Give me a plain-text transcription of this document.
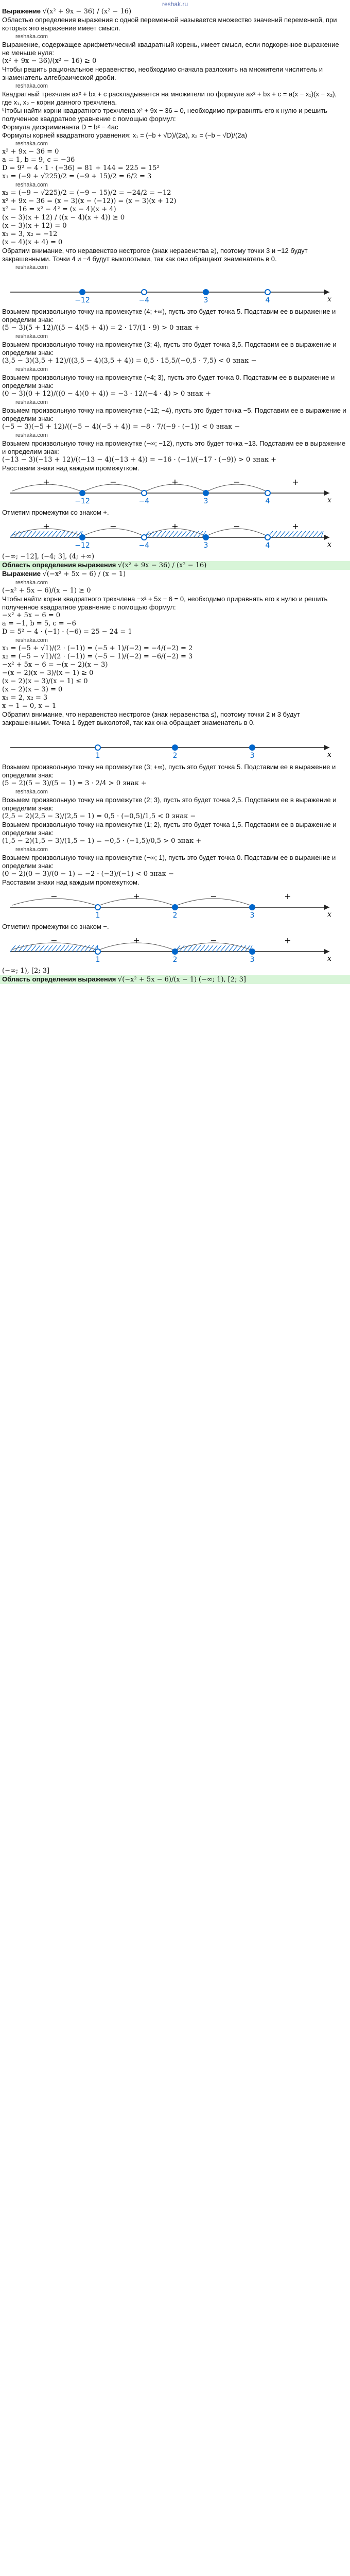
reshak.ru
Выражение √(x² + 9x − 36) / (x² − 16)
Областью определения выражения с одной переменной называется множество значений переменной, при которых это выражение имеет смысл.
reshaka.com
Выражение, содержащее арифметический квадратный корень, имеет смысл, если подкоренное выражение не меньше нуля:
(x² + 9x − 36)/(x² − 16) ≥ 0
Чтобы решить рациональное неравенство, необходимо сначала разложить на множители числитель и знаменатель алгебраической дроби.
reshaka.com
Квадратный трехчлен ax² + bx + c раскладывается на множители по формуле ax² + bx + c = a(x − x₁)(x − x₂), где x₁, x₂ − корни данного трехчлена.
Чтобы найти корни квадратного трехчлена x² + 9x − 36 = 0, необходимо приравнять его к нулю и решить полученное квадратное уравнение с помощью формул:
Формула дискриминанта D = b² − 4ac
Формулы корней квадратного уравнения: x₁ = (−b + √D)/(2a), x₂ = (−b − √D)/(2a)
reshaka.com
x² + 9x − 36 = 0
a = 1, b = 9, c = −36
D = 9² − 4 · 1 · (−36) = 81 + 144 = 225 = 15²
x₁ = (−9 + √225)/2 = (−9 + 15)/2 = 6/2 = 3
reshaka.com
x₂ = (−9 − √225)/2 = (−9 − 15)/2 = −24/2 = −12
x² + 9x − 36 = (x − 3)(x − (−12)) = (x − 3)(x + 12)
x² − 16 = x² − 4² = (x − 4)(x + 4)
(x − 3)(x + 12) / ((x − 4)(x + 4)) ≥ 0
(x − 3)(x + 12) = 0
x₁ = 3, x₂ = −12
(x − 4)(x + 4) = 0
Обратим внимание, что неравенство нестрогое (знак неравенства ≥), поэтому точки 3 и −12 будут закрашенными. Точки 4 и −4 будут выколотыми, так как они обращают знаменатель в 0.
reshaka.com
x
−12	−4	3	4
Возьмем произвольную точку на промежутке (4; +∞), пусть это будет точка 5. Подставим ее в выражение и определим знак:
(5 − 3)(5 + 12)/((5 − 4)(5 + 4)) = 2 · 17/(1 · 9) > 0 знак +
reshaka.com
Возьмем произвольную точку на промежутке (3; 4), пусть это будет точка 3,5. Подставим ее в выражение и определим знак:
(3,5 − 3)(3,5 + 12)/((3,5 − 4)(3,5 + 4)) = 0,5 · 15,5/(−0,5 · 7,5) < 0 знак −
reshaka.com
Возьмем произвольную точку на промежутке (−4; 3), пусть это будет точка 0. Подставим ее в выражение и определим знак:
(0 − 3)(0 + 12)/((0 − 4)(0 + 4)) = −3 · 12/(−4 · 4) > 0 знак +
reshaka.com
Возьмем произвольную точку на промежутке (−12; −4), пусть это будет точка −5. Подставим ее в выражение и определим знак:
(−5 − 3)(−5 + 12)/((−5 − 4)(−5 + 4)) = −8 · 7/(−9 · (−1)) < 0 знак −
reshaka.com
Возьмем произвольную точку на промежутке (−∞; −12), пусть это будет точка −13. Подставим ее в выражение и определим знак:
(−13 − 3)(−13 + 12)/((−13 − 4)(−13 + 4)) = −16 · (−1)/(−17 · (−9)) > 0 знак +
Расставим знаки над каждым промежутком.
x
+	−	+	−	+
−12	−4	3	4
Отметим промежутки со знаком +.
x
+	−	+	−	+
−12	−4	3	4
(−∞; −12], (−4; 3], (4; +∞)
Область определения выражения √(x² + 9x − 36) / (x² − 16)
Выражение √(−x² + 5x − 6) / (x − 1)
reshaka.com
(−x² + 5x − 6)/(x − 1) ≥ 0
Чтобы найти корни квадратного трехчлена −x² + 5x − 6 = 0, необходимо приравнять его к нулю и решить полученное квадратное уравнение с помощью формул:
−x² + 5x − 6 = 0
a = −1, b = 5, c = −6
D = 5² − 4 · (−1) · (−6) = 25 − 24 = 1
reshaka.com
x₁ = (−5 + √1)/(2 · (−1)) = (−5 + 1)/(−2) = −4/(−2) = 2
x₂ = (−5 − √1)/(2 · (−1)) = (−5 − 1)/(−2) = −6/(−2) = 3
−x² + 5x − 6 = −(x − 2)(x − 3)
−(x − 2)(x − 3)/(x − 1) ≥ 0
(x − 2)(x − 3)/(x − 1) ≤ 0
(x − 2)(x − 3) = 0
x₁ = 2, x₂ = 3
x − 1 = 0, x = 1
Обратим внимание, что неравенство нестрогое (знак неравенства ≤), поэтому точки 2 и 3 будут закрашенными. Точка 1 будет выколотой, так как она обращает знаменатель в 0.
x
1	2	3
Возьмем произвольную точку на промежутке (3; +∞), пусть это будет точка 5. Подставим ее в выражение и определим знак:
(5 − 2)(5 − 3)/(5 − 1) = 3 · 2/4 > 0 знак +
reshaka.com
Возьмем произвольную точку на промежутке (2; 3), пусть это будет точка 2,5. Подставим ее в выражение и определим знак:
(2,5 − 2)(2,5 − 3)/(2,5 − 1) = 0,5 · (−0,5)/1,5 < 0 знак −
Возьмем произвольную точку на промежутке (1; 2), пусть это будет точка 1,5. Подставим ее в выражение и определим знак:
(1,5 − 2)(1,5 − 3)/(1,5 − 1) = −0,5 · (−1,5)/0,5 > 0 знак +
reshaka.com
Возьмем произвольную точку на промежутке (−∞; 1), пусть это будет точка 0. Подставим ее в выражение и определим знак:
(0 − 2)(0 − 3)/(0 − 1) = −2 · (−3)/(−1) < 0 знак −
Расставим знаки над каждым промежутком.
x
−	+	−	+
1	2	3
Отметим промежутки со знаком −.
x
−	+	−	+
1	2	3
(−∞; 1), [2; 3]
Область определения выражения √(−x² + 5x − 6)/(x − 1) (−∞; 1), [2; 3]
